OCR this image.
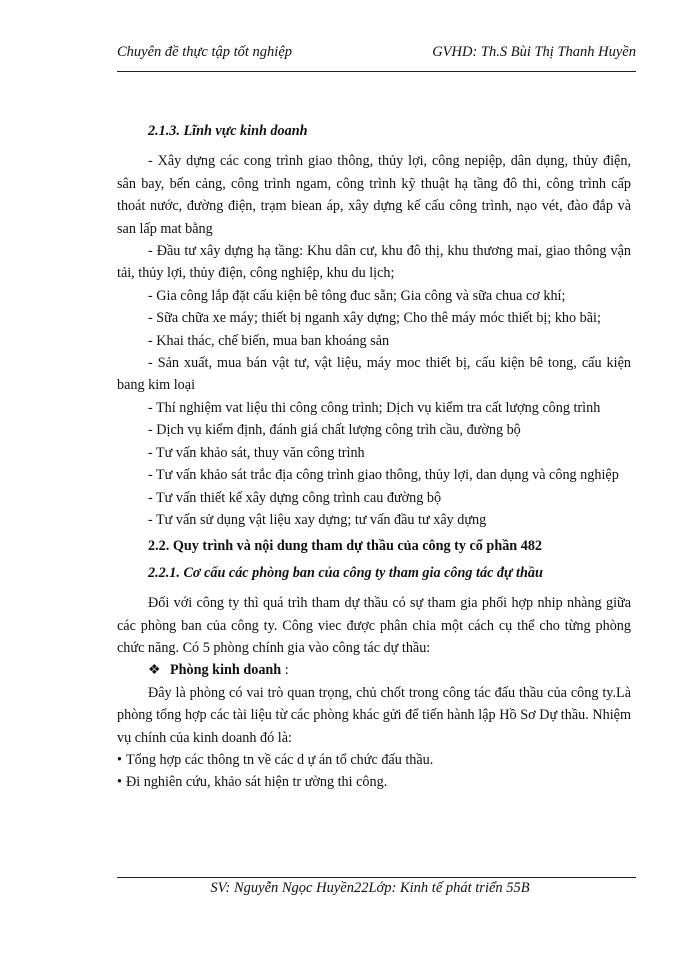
Chuyên đề thực tập tốt nghiệp	GVHD: Th.S Bùi Thị Thanh Huyền

2.1.3. Lĩnh vực kinh doanh

- Xây dựng các cong trình giao thông, thủy lợi, công nepiệp, dân dụng, thủy điện, sân bay, bến cảng, công trình ngam, công trình kỹ thuật hạ tầng đô thi, công trình cấp thoát nước, đường điện, trạm biean áp, xây dựng kế cấu công trình, nạo vét, đào đắp và san lấp mat bằng

- Đầu tư xây dựng hạ tầng: Khu dân cư, khu đô thị, khu thương mai, giao thông vận tải, thủy lợi, thủy điện, công nghiệp, khu du lịch;

- Gia công lắp đặt cấu kiện bê tông đuc sẵn; Gia công và sữa chua cơ khí;

- Sữa chữa xe máy; thiết bị nganh xây dựng; Cho thê máy móc thiết bị; kho bãi;

- Khai thác, chế biến, mua ban khoáng sản

- Sản xuất, mua bán vật tư, vật liệu, máy moc thiết bị, cấu kiện bê tong, cấu kiện bang kim loại

- Thí nghiệm vat liệu thi công công trình; Dịch vụ kiểm tra cất lượng công trình

- Dịch vụ kiểm định, đánh giá chất lượng công trìh cầu, đường bộ

- Tư vấn khảo sát, thuy văn công trình

- Tư vấn khảo sát trắc địa công trình giao thông, thủy lợi, dan dụng và công nghiệp

- Tư vấn thiết kế xây dựng công trình cau đường bộ

- Tư vấn sử dụng vật liệu xay dựng; tư vấn đầu tư xây dựng

2.2. Quy trình và nội dung tham dự thầu của công ty cổ phần 482

2.2.1. Cơ cấu các phòng ban của công ty tham gia công tác đự thầu

Đối với công ty thì quá trìh tham dự thầu có sự tham gia phối hợp nhip nhàng giữa các phòng ban của công ty. Công viec được phân chia một cách cụ thể cho từng phòng chức năng. Có 5 phòng chính gia vào công tác dự thầu:

❖ Phòng kinh doanh :

Đây là phòng có vai trò quan trọng, chủ chốt trong công tác đấu thầu của công ty.Là phòng tổng hợp các tài liệu từ các phòng khác gửi để tiến hành lập Hồ Sơ Dự thầu. Nhiệm vụ chính của kinh doanh đó là:

• Tổng hợp các thông tn về các d ự án tổ chức đấu thầu.

• Đi nghiên cứu, khảo sát hiện tr ường thi công.

SV: Nguyễn Ngọc Huyền22Lớp: Kinh tế phát triển 55B
